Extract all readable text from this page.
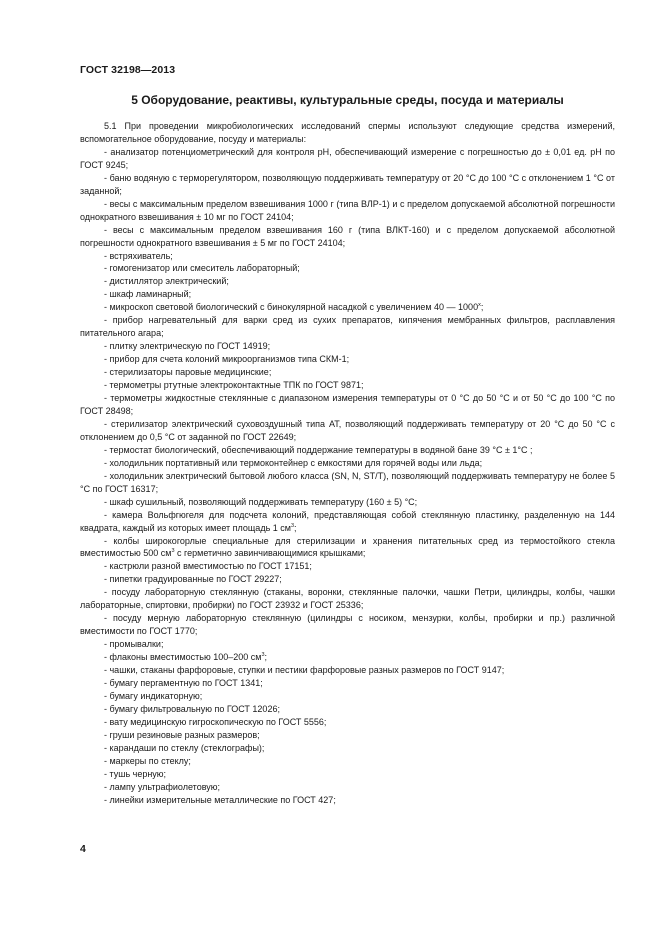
ГОСТ 32198—2013
5 Оборудование, реактивы, культуральные среды, посуда и материалы

5.1 При проведении микробиологических исследований спермы используют следующие средства измерений, вспомогательное оборудование, посуду и материалы:

- анализатор потенциометрический для контроля рН, обеспечивающий измерение с погрешностью до ± 0,01 ед. рН по ГОСТ 9245;

- баню водяную с терморегулятором, позволяющую поддерживать температуру от 20 °С до 100 °С с отклонением 1 °С от заданной;

- весы с максимальным пределом взвешивания 1000 г (типа ВЛР-1) и с пределом допускаемой абсолютной погрешности однократного взвешивания ± 10 мг по ГОСТ 24104;

- весы с максимальным пределом взвешивания 160 г (типа ВЛКТ-160) и с пределом допускаемой абсолютной погрешности однократного взвешивания ± 5 мг по ГОСТ 24104;

- встряхиватель;

- гомогенизатор или смеситель лабораторный;

- дистиллятор электрический;

- шкаф ламинарный;

- микроскоп световой биологический с бинокулярной насадкой с увеличением 40 — $1000^х$;

- прибор нагревательный для варки сред из сухих препаратов, кипячения мембранных фильтров, расплавления питательного агара;

- плитку электрическую по ГОСТ 14919;

- прибор для счета колоний микроорганизмов типа СКМ-1;

- стерилизаторы паровые медицинские;

- термометры ртутные электроконтактные ТПК по ГОСТ 9871;

- термометры жидкостные стеклянные с диапазоном измерения температуры от 0 °С до 50 °С и от 50 °С до 100 °С по ГОСТ 28498;

- стерилизатор электрический суховоздушный типа АТ, позволяющий поддерживать температуру от 20 °С до 50 °С с отклонением до 0,5 °С от заданной по ГОСТ 22649;

- термостат биологический, обеспечивающий поддержание температуры в водяной бане 39 °С ± 1°С ;

- холодильник портативный или термоконтейнер с емкостями для горячей воды или льда;

- холодильник электрический бытовой любого класса (SN, N, ST/T), позволяющий поддерживать температуру не более 5 °С по ГОСТ 16317;

- шкаф сушильный, позволяющий поддерживать температуру (160 ± 5) °С;

- камера Вольфгюгеля для подсчета колоний, представляющая собой стеклянную пластинку, разделенную на 144 квадрата, каждый из которых имеет площадь 1 $см^3$;

- колбы широкогорлые специальные для стерилизации и хранения питательных сред из термостойкого стекла вместимостью 500 $см^3$ с герметично завинчивающимися крышками;

- кастрюли разной вместимостью по ГОСТ 17151;

- пипетки градуированные по ГОСТ 29227;

- посуду лабораторную стеклянную (стаканы, воронки, стеклянные палочки, чашки Петри, цилиндры, колбы, чашки лабораторные, спиртовки, пробирки) по ГОСТ 23932 и ГОСТ 25336;

- посуду мерную лабораторную стеклянную (цилиндры с носиком, мензурки, колбы, пробирки и пр.) различной вместимости по ГОСТ 1770;

- промывалки;

- флаконы вместимостью 100–200 $см^3$;

- чашки, стаканы фарфоровые, ступки и пестики фарфоровые разных размеров по ГОСТ 9147;

- бумагу пергаментную по ГОСТ 1341;

- бумагу индикаторную;

- бумагу фильтровальную по ГОСТ 12026;

- вату медицинскую гигроскопическую по ГОСТ 5556;

- груши резиновые разных размеров;

- карандаши по стеклу (стеклографы);

- маркеры по стеклу;

- тушь черную;

- лампу ультрафиолетовую;

- линейки измерительные металлические по ГОСТ 427;

4
